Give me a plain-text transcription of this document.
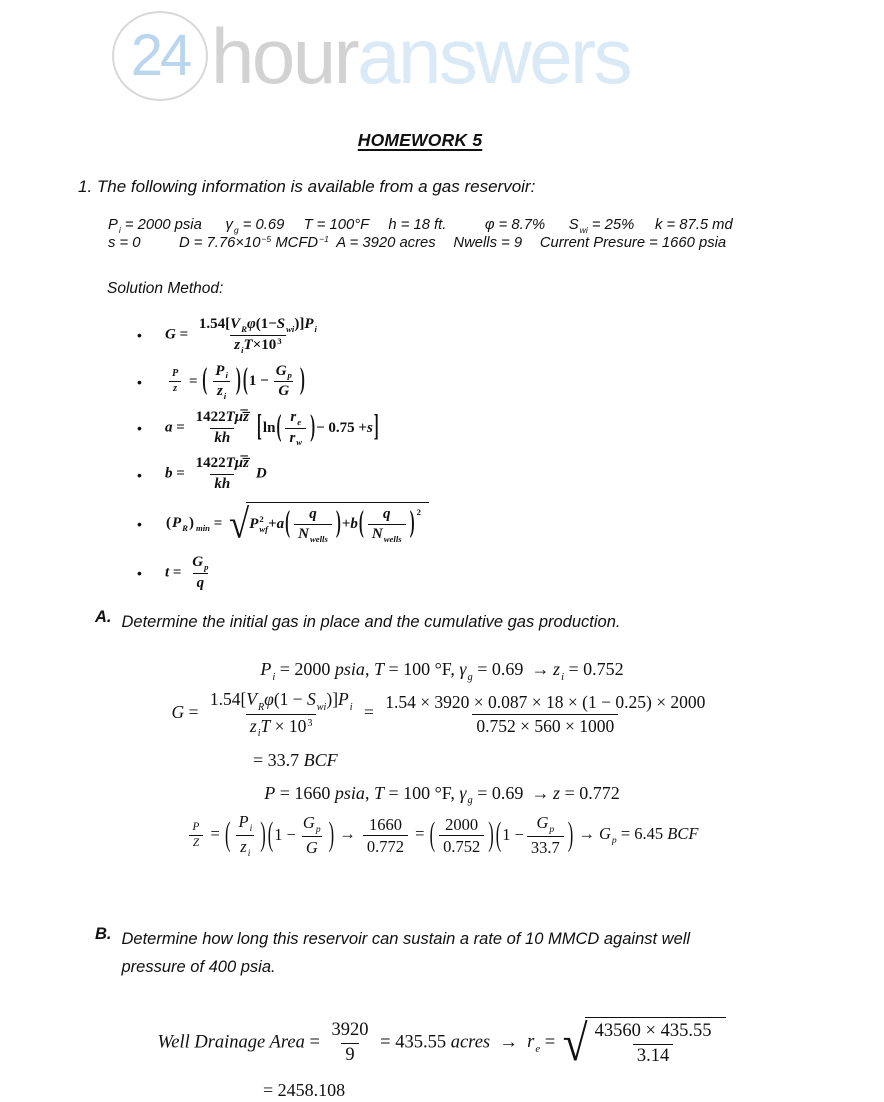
24 hour answers
HOMEWORK 5

1. The following information is available from a gas reservoir:

$P_i = 2000$ psia $\gamma_g = 0.69$ T = 100°F h = 18 ft.	φ = 8.7% $S_{wi} = 25\%$ k = 87.5 md
s = 0	$D = 7.76\times 10^{-5}$ $MCFD^{-1}$ A = 3920 acres Nwells = 9 Current Presure = 1660 psia

Solution Method:

•	G =
$1.54[V_R\varphi(1-S_{wi})]P_i$
$z_iT\times 10^3$
•	$\frac{P}{z}$ = ( $P_i$
$z_i$ ) ( $1 - \frac{G_p}{G}$ )
•	$a = \frac{1422T\mu̅z̅}{kh}$ [ ln ( $r_e$
$r_w$ ) − 0.75 + s ]
•	$b = \frac{1422T\mu̅z̅}{kh}$ D
•	( $P_R$ ) $_{min}$ = √ P 2
wf + a ( q
$N_{wells}$ ) + b ( q
$N_{wells}$ ) $^2$
•	$t = \frac{G_p}{q}$

A. Determine the initial gas in place and the cumulative gas production.

$P_i = 2000$ psia, T = 100 °F, $\gamma_g = 0.69 \to z_i = 0.752$
G =
$1.54[V_R\varphi(1 - S_{wi})]P_i$
$z_iT \times 10^3$
= $\frac{1.54 \times 3920 \times 0.087 \times 18 \times (1 - 0.25) \times 2000}{0.752 \times 560 \times 1000}$
= 33.7 BCF
P = 1660 psia, T = 100 °F, $\gamma_g = 0.69 \to z = 0.772$
$\frac{P}{Z}$ = ( $P_i$
$z_i$
) ( $1 - \frac{G_p}{G}$ ) → $\frac{1660}{0.772}$ = ( 2000
0.752 ) ( $1 - \frac{G_p}{33.7}$ ) → $G_p = 6.45$ BCF

B. Determine how long this reservoir can sustain a rate of 10 MMCD against well pressure of 400 psia.

Well Drainage Area = $\frac{3920}{9} = 435.55$ acres → $r_e$ = √ 43560 × 435.55
3.14
= 2458.108
